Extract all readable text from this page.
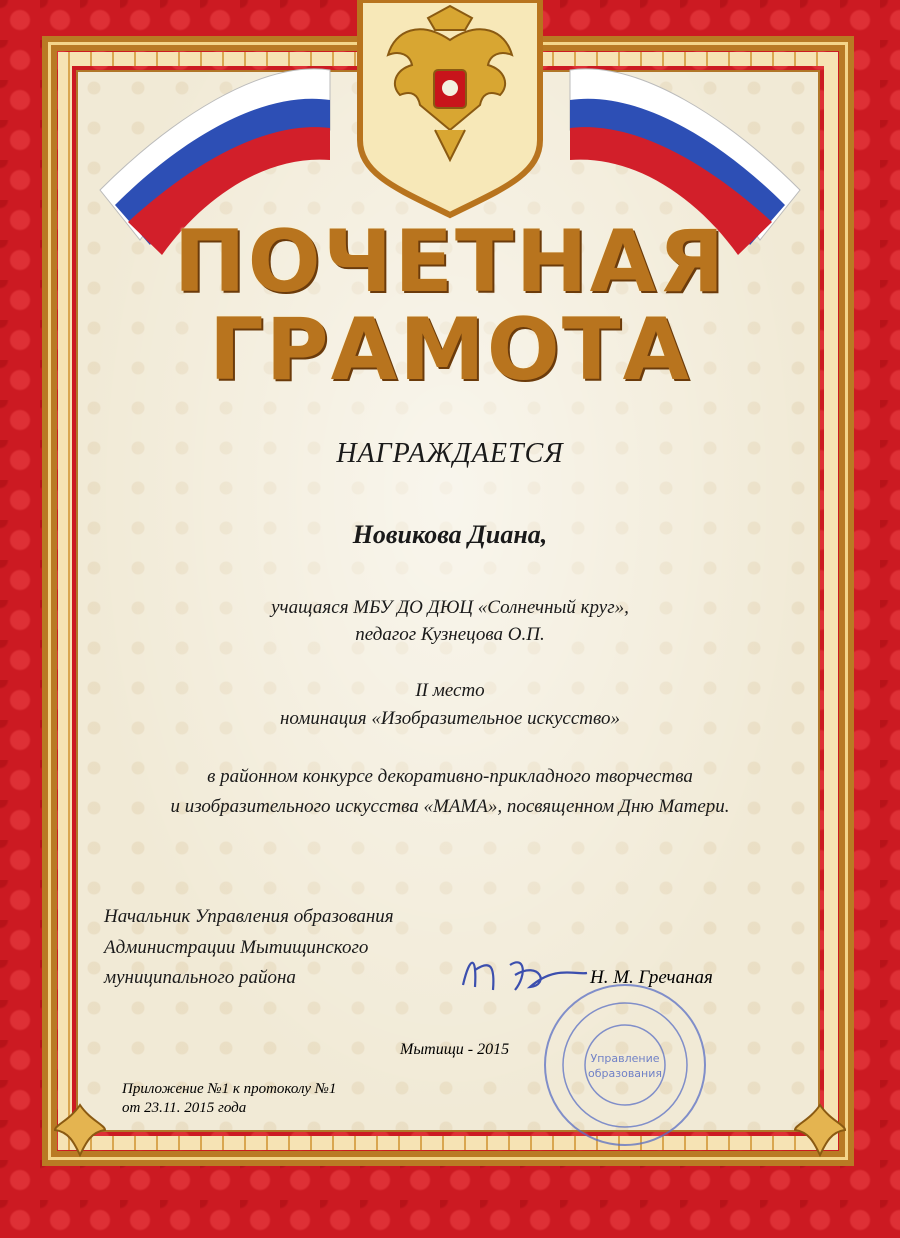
ПОЧЕТНАЯ
ГРАМОТА
НАГРАЖДАЕТСЯ
Новикова Диана,
учащаяся МБУ ДО ДЮЦ «Солнечный круг»,
педагог Кузнецова О.П.
II место
номинация «Изобразительное искусство»
в районном конкурсе декоративно-прикладного творчества
и изобразительного искусства «МАМА», посвященном Дню Матери.
Начальник Управления образования
Администрации Мытищинского
муниципального района	Н. М. Гречаная
Управление
образования
Мытищи - 2015
Приложение №1 к протоколу №1
от 23.11. 2015 года
